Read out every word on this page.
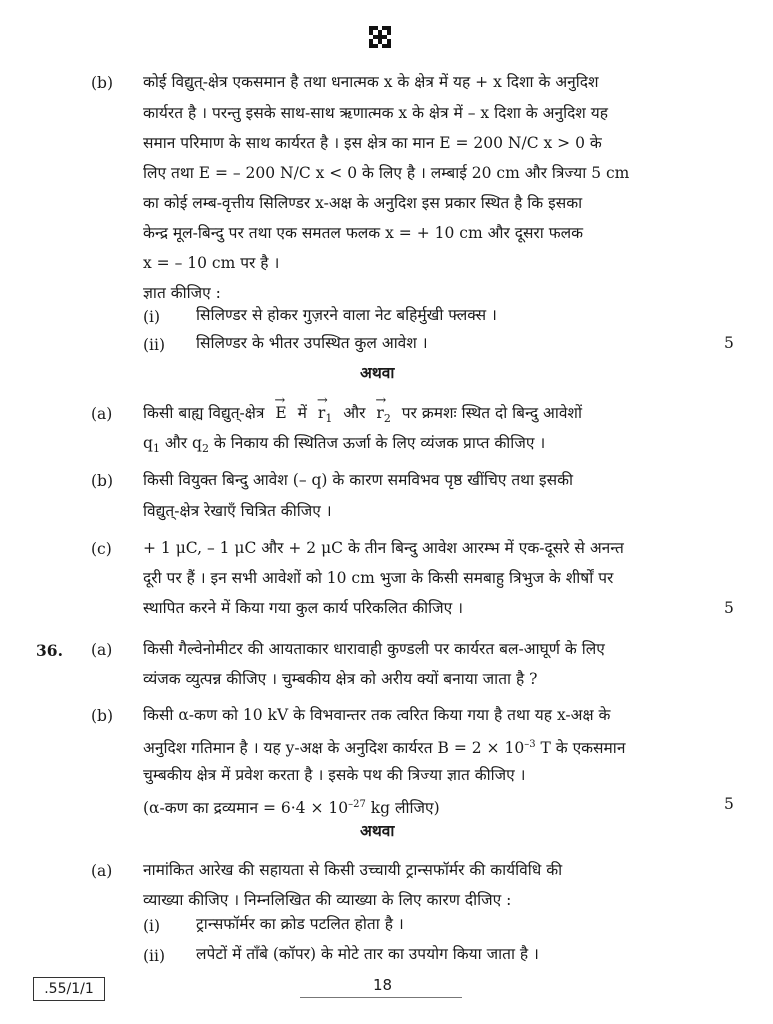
(b) कोई विद्युत्-क्षेत्र एकसमान है तथा धनात्मक x के क्षेत्र में यह + x दिशा के अनुदिश
कार्यरत है । परन्तु इसके साथ-साथ ऋणात्मक x के क्षेत्र में – x दिशा के अनुदिश यह
समान परिमाण के साथ कार्यरत है । इस क्षेत्र का मान E = 200 N/C x > 0 के
लिए तथा E = – 200 N/C x < 0 के लिए है । लम्बाई 20 cm और त्रिज्या 5 cm
का कोई लम्ब-वृत्तीय सिलिण्डर x-अक्ष के अनुदिश इस प्रकार स्थित है कि इसका
केन्द्र मूल-बिन्दु पर तथा एक समतल फलक x = + 10 cm और दूसरा फलक
x = – 10 cm पर है ।
ज्ञात कीजिए :
(i) सिलिण्डर से होकर गुज़रने वाला नेट बहिर्मुखी फ्लक्स ।
(ii) सिलिण्डर के भीतर उपस्थित कुल आवेश ।	5
अथवा
(a) किसी बाह्य विद्युत्-क्षेत्र
→
E में
→
$r_1$ और
→
$r_2$ पर क्रमशः स्थित दो बिन्दु आवेशों
$q_1$ और $q_2$ के निकाय की स्थितिज ऊर्जा के लिए व्यंजक प्राप्त कीजिए ।
(b) किसी वियुक्त बिन्दु आवेश (– q) के कारण समविभव पृष्ठ खींचिए तथा इसकी
विद्युत्-क्षेत्र रेखाएँ चित्रित कीजिए ।
(c) + 1 μC, – 1 μC और + 2 μC के तीन बिन्दु आवेश आरम्भ में एक-दूसरे से अनन्त
दूरी पर हैं । इन सभी आवेशों को 10 cm भुजा के किसी समबाहु त्रिभुज के शीर्षों पर
स्थापित करने में किया गया कुल कार्य परिकलित कीजिए ।	5
36. (a) किसी गैल्वेनोमीटर की आयताकार धारावाही कुण्डली पर कार्यरत बल-आघूर्ण के लिए
व्यंजक व्युत्पन्न कीजिए । चुम्बकीय क्षेत्र को अरीय क्यों बनाया जाता है ?
(b) किसी α-कण को 10 kV के विभवान्तर तक त्वरित किया गया है तथा यह x-अक्ष के
अनुदिश गतिमान है । यह y-अक्ष के अनुदिश कार्यरत $B = 2 \times 10^{-3}$ T के एकसमान
चुम्बकीय क्षेत्र में प्रवेश करता है । इसके पथ की त्रिज्या ज्ञात कीजिए ।
(α-कण का द्रव्यमान = $6\cdot 4 \times 10^{-27}$ kg लीजिए)	5
अथवा
(a) नामांकित आरेख की सहायता से किसी उच्चायी ट्रान्सफॉर्मर की कार्यविधि की
व्याख्या कीजिए । निम्नलिखित की व्याख्या के लिए कारण दीजिए :
(i) ट्रान्सफॉर्मर का क्रोड पटलित होता है ।
(ii) लपेटों में ताँबे (कॉपर) के मोटे तार का उपयोग किया जाता है ।
.55/1/1	18
